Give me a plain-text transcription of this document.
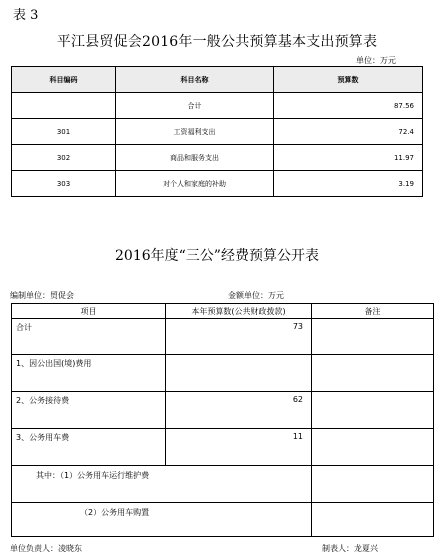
表 3
平江县贸促会2016年一般公共预算基本支出预算表
单位：万元
科目编码	科目名称	预算数
	合计	87.56
301	工资福利支出	72.4
302	商品和服务支出	11.97
303	对个人和家庭的补助	3.19
2016年度“三公”经费预算公开表
编制单位：贸促会	金额单位：万元
项目	本年预算数(公共财政拨款)	备注
合计	73	
1、因公出国(境)费用		
2、公务接待费	62	
3、公务用车费	11	
其中：（1）公务用车运行维护费		
（2）公务用车购置		
单位负责人：凌晓东	制表人：龙夏兴
